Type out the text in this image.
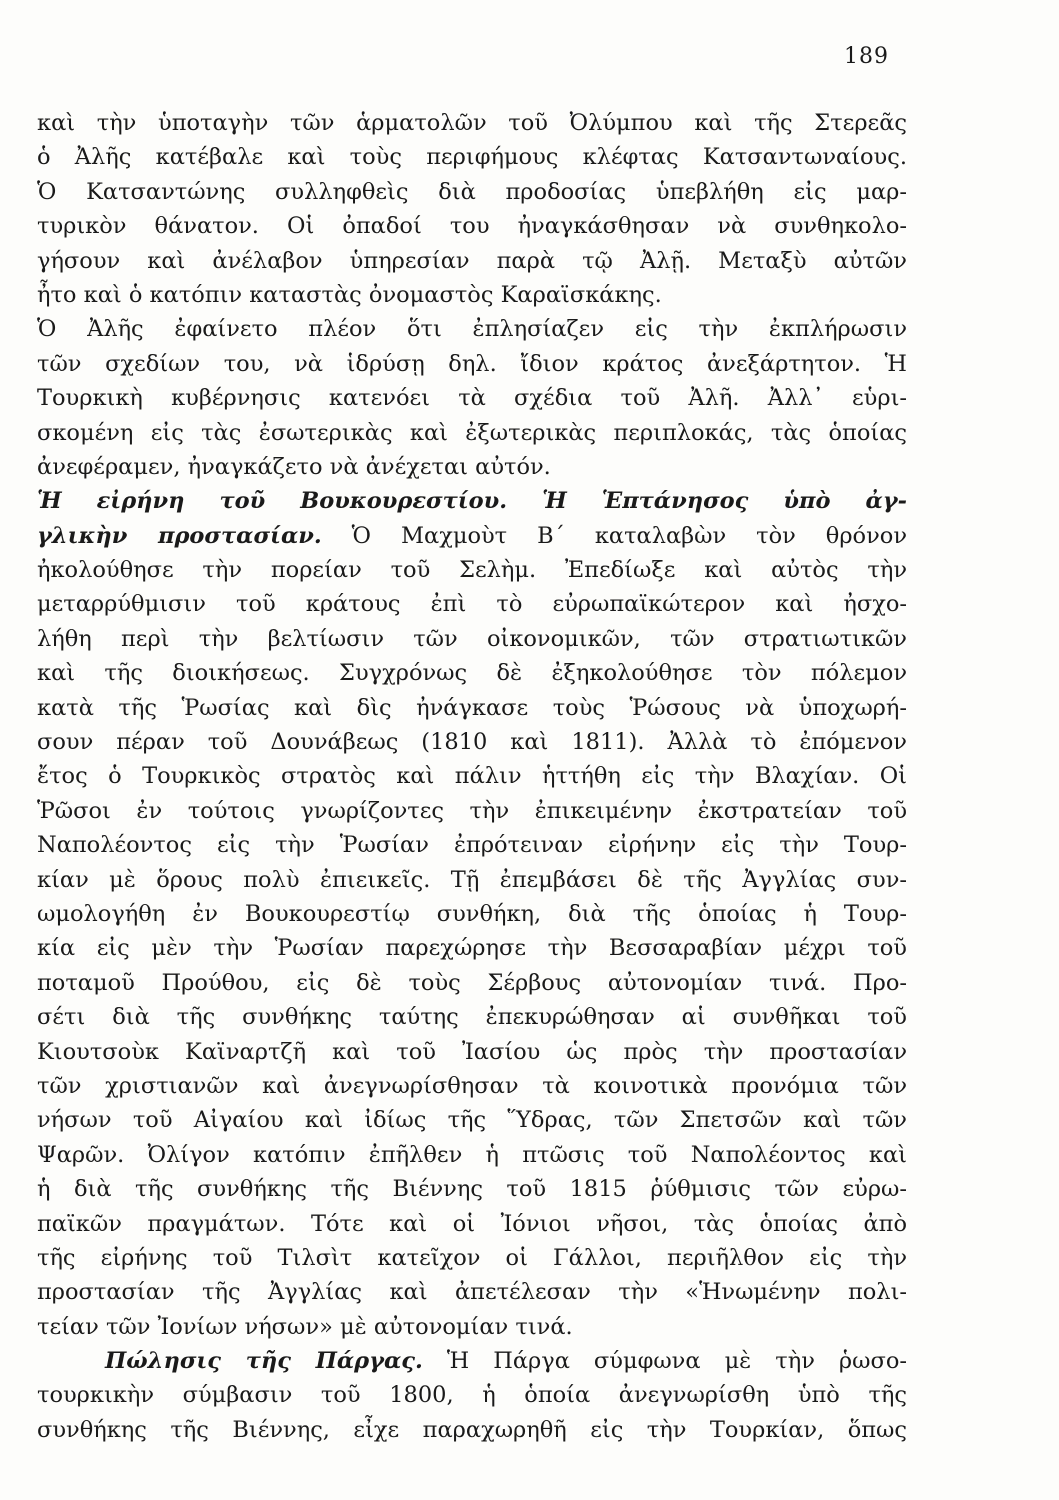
189
καὶ τὴν ὑποταγὴν τῶν ἁρματολῶν τοῦ Ὀλύμπου καὶ τῆς Στερεᾶς
ὁ Ἀλῆς κατέβαλε καὶ τοὺς περιφήμους κλέφτας Κατσαντωναίους.
Ὁ Κατσαντώνης συλληφθεὶς διὰ προδοσίας ὑπεβλήθη εἰς μαρ-
τυρικὸν θάνατον. Οἱ ὀπαδοί του ἠναγκάσθησαν νὰ συνθηκολο-
γήσουν καὶ ἀνέλαβον ὑπηρεσίαν παρὰ τῷ Ἀλῇ. Μεταξὺ αὐτῶν
ἦτο καὶ ὁ κατόπιν καταστὰς ὀνομαστὸς Καραϊσκάκης.
Ὁ Ἀλῆς ἐφαίνετο πλέον ὅτι ἐπλησίαζεν εἰς τὴν ἐκπλήρωσιν
τῶν σχεδίων του, νὰ ἱδρύσῃ δηλ. ἴδιον κράτος ἀνεξάρτητον. Ἡ
Τουρκικὴ κυβέρνησις κατενόει τὰ σχέδια τοῦ Ἀλῆ. Ἀλλ᾽ εὑρι-
σκομένη εἰς τὰς ἐσωτερικὰς καὶ ἐξωτερικὰς περιπλοκάς, τὰς ὁποίας
ἀνεφέραμεν, ἠναγκάζετο νὰ ἀνέχεται αὐτόν.
Ἡ εἰρήνη τοῦ Βουκουρεστίου. Ἡ Ἑπτάνησος ὑπὸ ἀγ-
γλικὴν προστασίαν. Ὁ Μαχμοὺτ Β΄ καταλαβὼν τὸν θρόνον
ἠκολούθησε τὴν πορείαν τοῦ Σελὴμ. Ἐπεδίωξε καὶ αὐτὸς τὴν
μεταρρύθμισιν τοῦ κράτους ἐπὶ τὸ εὐρωπαϊκώτερον καὶ ἠσχο-
λήθη περὶ τὴν βελτίωσιν τῶν οἰκονομικῶν, τῶν στρατιωτικῶν
καὶ τῆς διοικήσεως. Συγχρόνως δὲ ἐξηκολούθησε τὸν πόλεμον
κατὰ τῆς Ῥωσίας καὶ δὶς ἠνάγκασε τοὺς Ῥώσους νὰ ὑποχωρή-
σουν πέραν τοῦ Δουνάβεως (1810 καὶ 1811). Ἀλλὰ τὸ ἐπόμενον
ἔτος ὁ Τουρκικὸς στρατὸς καὶ πάλιν ἡττήθη εἰς τὴν Βλαχίαν. Οἱ
Ῥῶσοι ἐν τούτοις γνωρίζοντες τὴν ἐπικειμένην ἐκστρατείαν τοῦ
Ναπολέοντος εἰς τὴν Ῥωσίαν ἐπρότειναν εἰρήνην εἰς τὴν Τουρ-
κίαν μὲ ὅρους πολὺ ἐπιεικεῖς. Τῇ ἐπεμβάσει δὲ τῆς Ἀγγλίας συν-
ωμολογήθη ἐν Βουκουρεστίῳ συνθήκη, διὰ τῆς ὁποίας ἡ Τουρ-
κία εἰς μὲν τὴν Ῥωσίαν παρεχώρησε τὴν Βεσσαραβίαν μέχρι τοῦ
ποταμοῦ Προύθου, εἰς δὲ τοὺς Σέρβους αὐτονομίαν τινά. Προ-
σέτι διὰ τῆς συνθήκης ταύτης ἐπεκυρώθησαν αἱ συνθῆκαι τοῦ
Κιουτσοὺκ Καϊναρτζῆ καὶ τοῦ Ἰασίου ὡς πρὸς τὴν προστασίαν
τῶν χριστιανῶν καὶ ἀνεγνωρίσθησαν τὰ κοινοτικὰ προνόμια τῶν
νήσων τοῦ Αἰγαίου καὶ ἰδίως τῆς Ὕδρας, τῶν Σπετσῶν καὶ τῶν
Ψαρῶν. Ὀλίγον κατόπιν ἐπῆλθεν ἡ πτῶσις τοῦ Ναπολέοντος καὶ
ἡ διὰ τῆς συνθήκης τῆς Βιέννης τοῦ 1815 ῥύθμισις τῶν εὐρω-
παϊκῶν πραγμάτων. Τότε καὶ οἱ Ἰόνιοι νῆσοι, τὰς ὁποίας ἀπὸ
τῆς εἰρήνης τοῦ Τιλσὶτ κατεῖχον οἱ Γάλλοι, περιῆλθον εἰς τὴν
προστασίαν τῆς Ἀγγλίας καὶ ἀπετέλεσαν τὴν «Ἡνωμένην πολι-
τείαν τῶν Ἰονίων νήσων» μὲ αὐτονομίαν τινά.
Πώλησις τῆς Πάργας. Ἡ Πάργα σύμφωνα μὲ τὴν ῥωσο-
τουρκικὴν σύμβασιν τοῦ 1800, ἡ ὁποία ἀνεγνωρίσθη ὑπὸ τῆς
συνθήκης τῆς Βιέννης, εἶχε παραχωρηθῆ εἰς τὴν Τουρκίαν, ὅπως
